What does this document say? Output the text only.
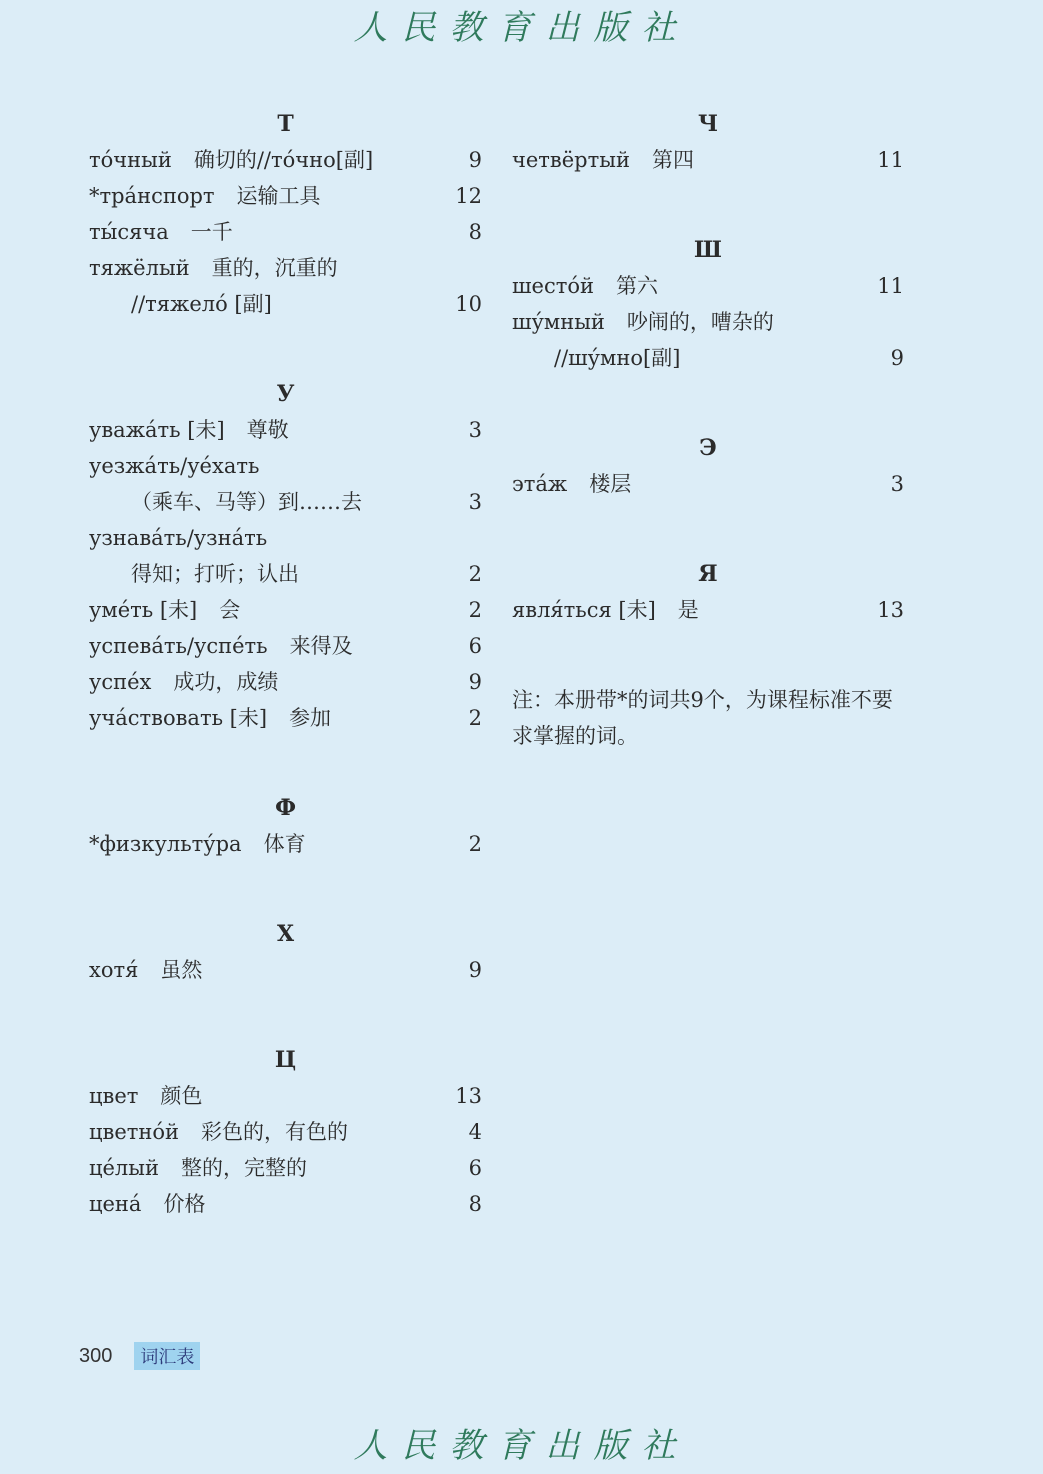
人民教育出版社
Т
то́чный 确切的//то́чно[副]	9
*тра́нспорт 运输工具	12
ты́сяча 一千	8
тяжёлый 重的，沉重的
//тяжело́ [副]	10
У
уважа́ть [未] 尊敬	3
уезжа́ть/уе́хать
（乘车、马等）到……去	3
узнава́ть/узна́ть
得知；打听；认出	2
уме́ть [未] 会	2
успева́ть/успе́ть 来得及	6
успе́х 成功，成绩	9
уча́ствовать [未] 参加	2
Ф
*физкульту́ра 体育	2
Х
хотя́ 虽然	9
Ц
цвет 颜色	13
цветно́й 彩色的，有色的	4
це́лый 整的，完整的	6
цена́ 价格	8
Ч
четвёртый 第四	11
Ш
шесто́й 第六	11
шу́мный 吵闹的，嘈杂的
//шу́мно[副]	9
Э
эта́ж 楼层	3
Я
явля́ться [未] 是	13
注：本册带*的词共9个，为课程标准不要求掌握的词。
300	词汇表
人民教育出版社
